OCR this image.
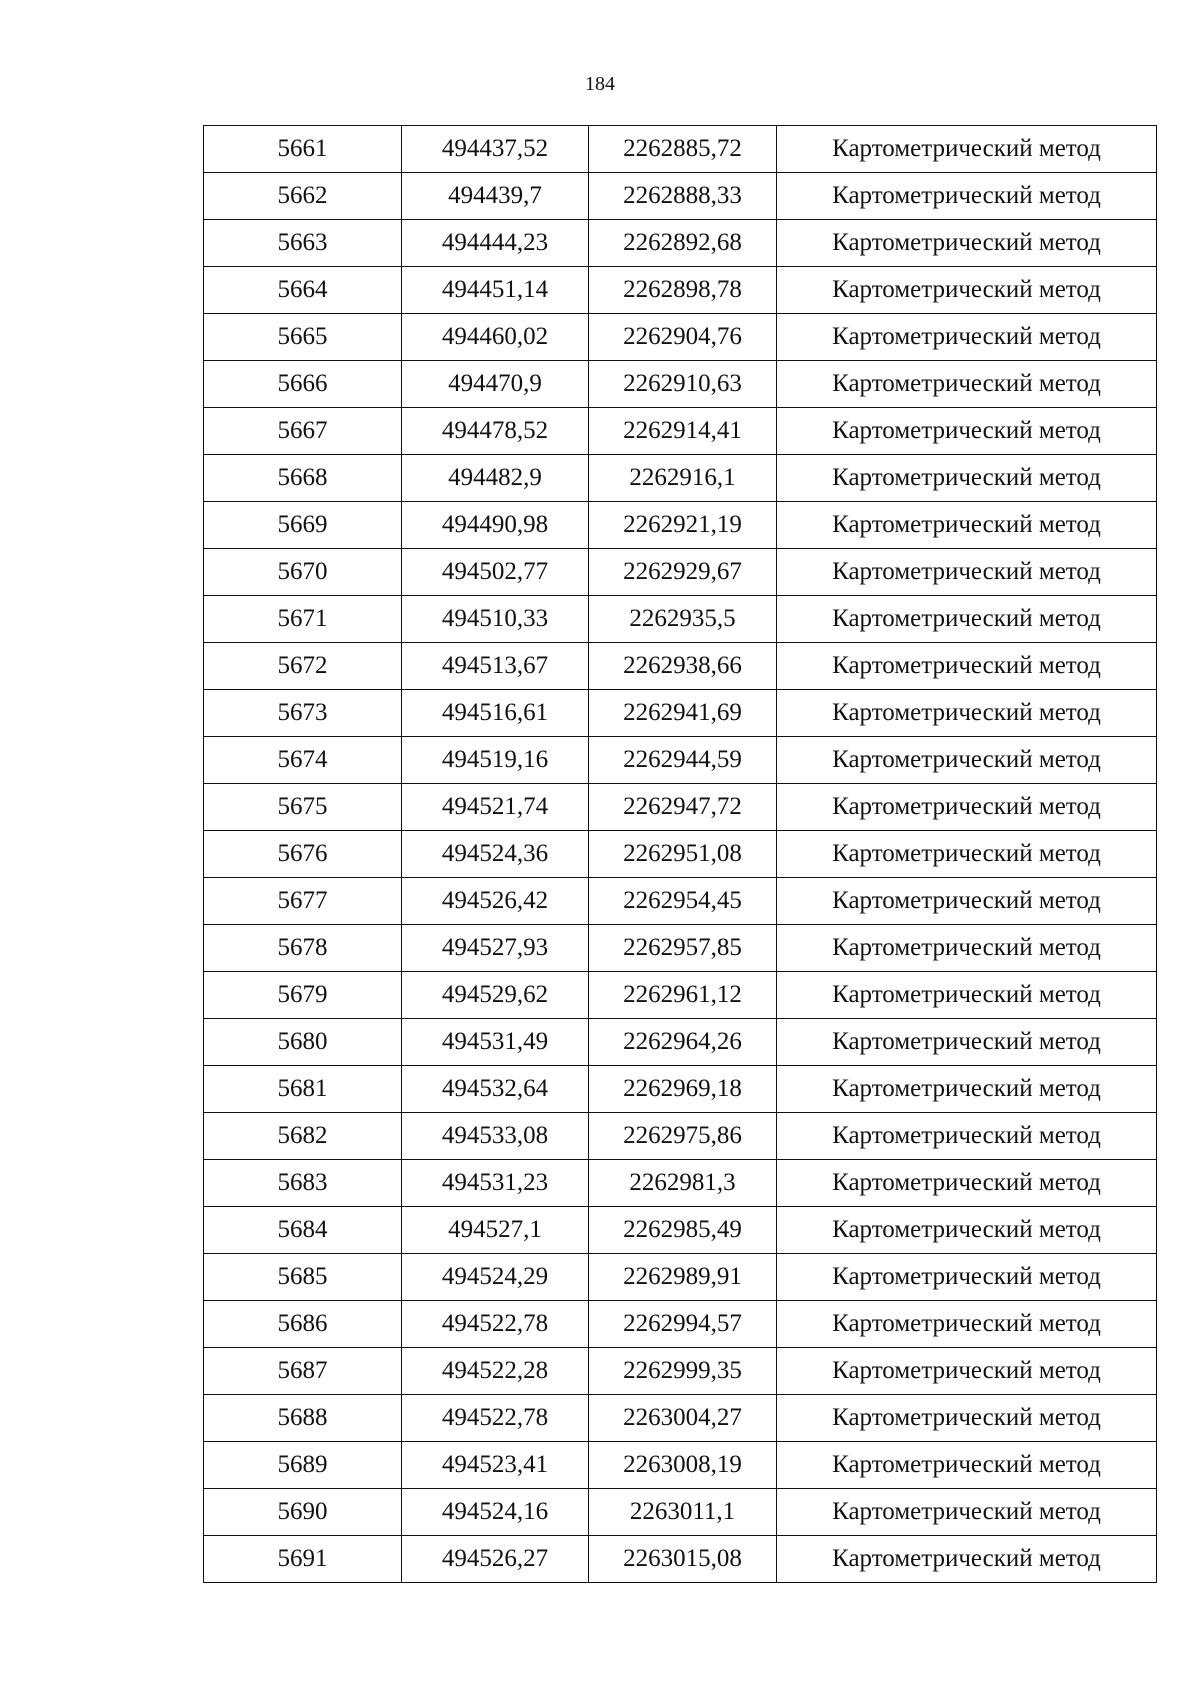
184
5661	494437,52	2262885,72	Картометрический метод
5662	494439,7	2262888,33	Картометрический метод
5663	494444,23	2262892,68	Картометрический метод
5664	494451,14	2262898,78	Картометрический метод
5665	494460,02	2262904,76	Картометрический метод
5666	494470,9	2262910,63	Картометрический метод
5667	494478,52	2262914,41	Картометрический метод
5668	494482,9	2262916,1	Картометрический метод
5669	494490,98	2262921,19	Картометрический метод
5670	494502,77	2262929,67	Картометрический метод
5671	494510,33	2262935,5	Картометрический метод
5672	494513,67	2262938,66	Картометрический метод
5673	494516,61	2262941,69	Картометрический метод
5674	494519,16	2262944,59	Картометрический метод
5675	494521,74	2262947,72	Картометрический метод
5676	494524,36	2262951,08	Картометрический метод
5677	494526,42	2262954,45	Картометрический метод
5678	494527,93	2262957,85	Картометрический метод
5679	494529,62	2262961,12	Картометрический метод
5680	494531,49	2262964,26	Картометрический метод
5681	494532,64	2262969,18	Картометрический метод
5682	494533,08	2262975,86	Картометрический метод
5683	494531,23	2262981,3	Картометрический метод
5684	494527,1	2262985,49	Картометрический метод
5685	494524,29	2262989,91	Картометрический метод
5686	494522,78	2262994,57	Картометрический метод
5687	494522,28	2262999,35	Картометрический метод
5688	494522,78	2263004,27	Картометрический метод
5689	494523,41	2263008,19	Картометрический метод
5690	494524,16	2263011,1	Картометрический метод
5691	494526,27	2263015,08	Картометрический метод
